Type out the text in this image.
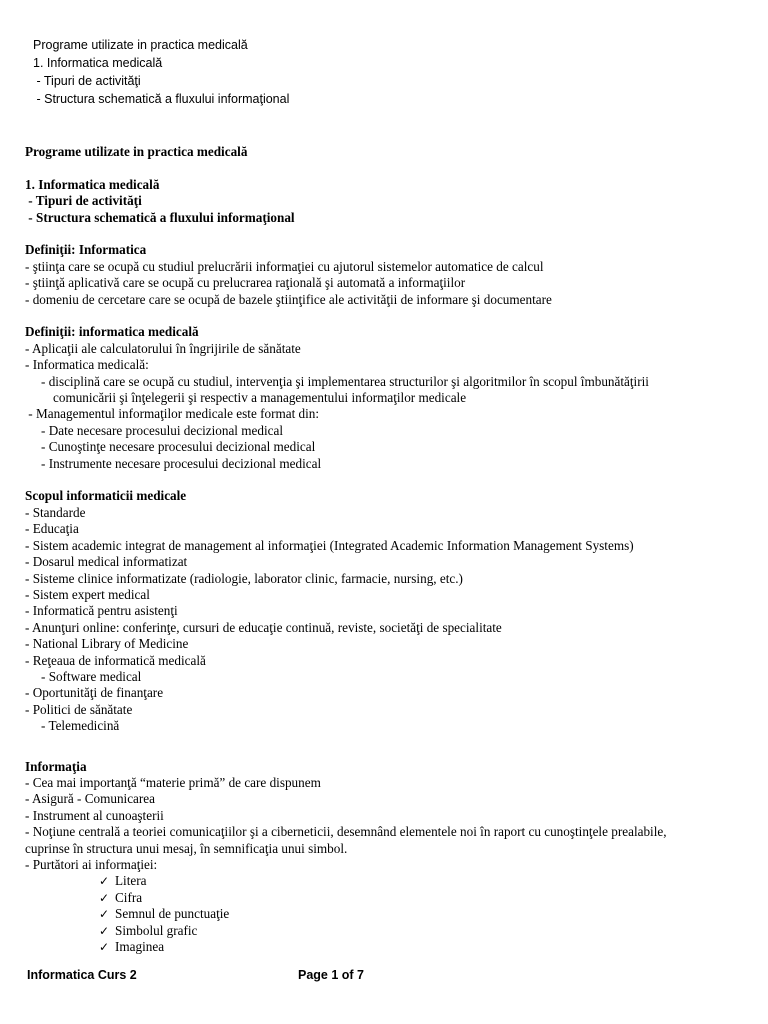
Programe utilizate in practica medicală
1. Informatica medicală
- Tipuri de activităţi
- Structura schematică a fluxului informaţional
Programe utilizate in practica medicală
1. Informatica medicală
- Tipuri de activităţi
- Structura schematică a fluxului informaţional
Definiţii: Informatica
- ştiinţa care se ocupă cu studiul prelucrării informaţiei cu ajutorul sistemelor automatice de calcul
- ştiinţă aplicativă care se ocupă cu prelucrarea raţională şi automată a informaţiilor
- domeniu de cercetare care se ocupă de bazele ştiinţifice ale activităţii de informare şi documentare
Definiţii: informatica medicală
- Aplicaţii ale calculatorului în îngrijirile de sănătate
- Informatica medicală:
- disciplină care se ocupă cu studiul, intervenţia şi implementarea structurilor şi algoritmilor în scopul îmbunătăţirii
comunicării şi înţelegerii şi respectiv a managementului informaţilor medicale
- Managementul informaţilor medicale este format din:
- Date necesare procesului decizional medical
- Cunoştinţe necesare procesului decizional medical
- Instrumente necesare procesului decizional medical
Scopul informaticii medicale
- Standarde
- Educaţia
- Sistem academic integrat de management al informaţiei (Integrated Academic Information Management Systems)
- Dosarul medical informatizat
- Sisteme clinice informatizate (radiologie, laborator clinic, farmacie, nursing, etc.)
- Sistem expert medical
- Informatică pentru asistenţi
- Anunţuri online: conferinţe, cursuri de educaţie continuă, reviste, societăţi de specialitate
- National Library of Medicine
- Reţeaua de informatică medicală
- Software medical
- Oportunităţi de finanţare
- Politici de sănătate
- Telemedicină
Informaţia
- Cea mai importanţă “materie primă” de care dispunem
- Asigură - Comunicarea
- Instrument al cunoaşterii
- Noţiune centrală a teoriei comunicaţiilor şi a ciberneticii, desemnând elementele noi în raport cu cunoştinţele prealabile,
cuprinse în structura unui mesaj, în semnificaţia unui simbol.
- Purtători ai informaţiei:
✓ Litera
✓ Cifra
✓ Semnul de punctuaţie
✓ Simbolul grafic
✓ Imaginea
Informatica Curs 2	Page 1 of 7
